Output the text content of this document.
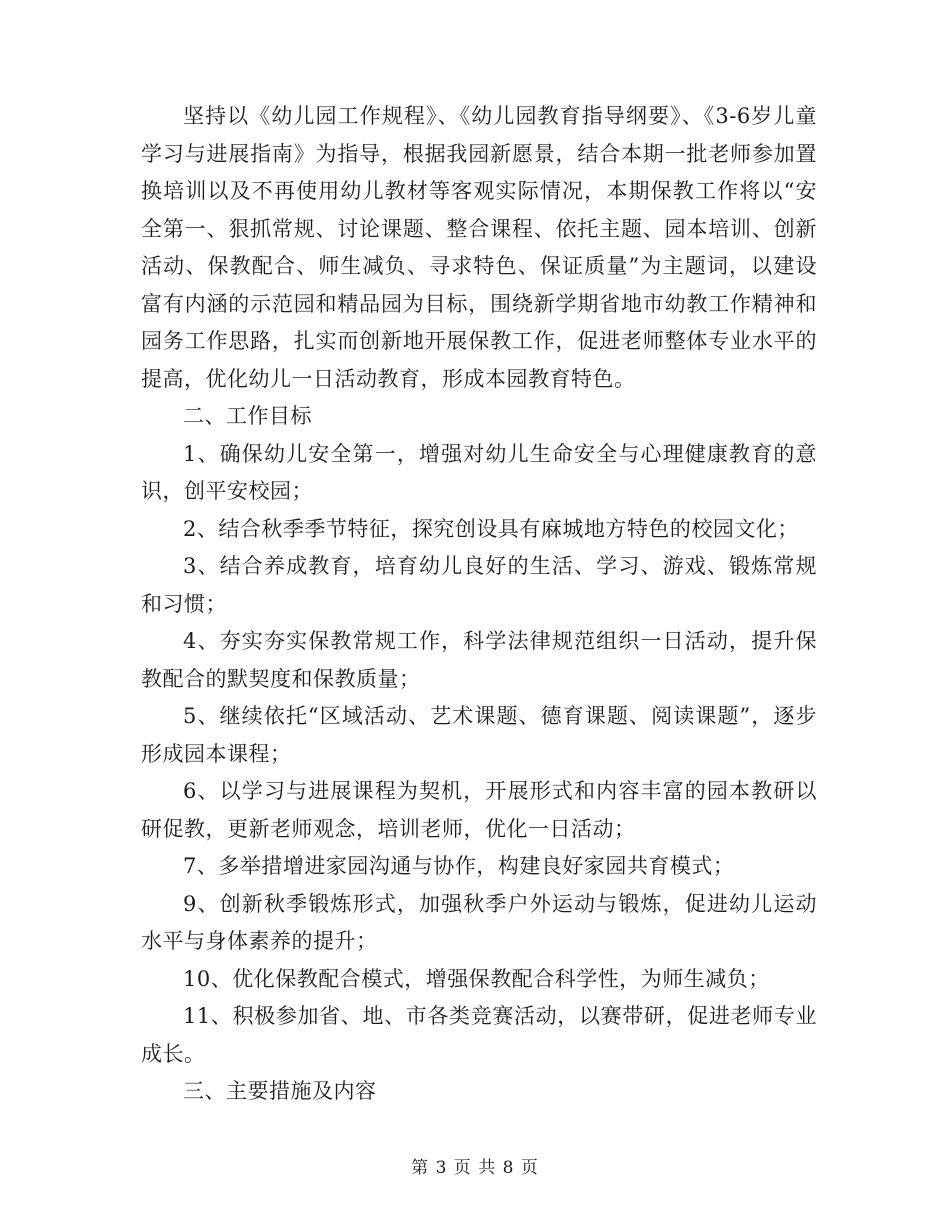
坚持以《幼儿园工作规程》、《幼儿园教育指导纲要》、《3-6岁儿童学习与进展指南》为指导，根据我园新愿景，结合本期一批老师参加置换培训以及不再使用幼儿教材等客观实际情况，本期保教工作将以“安全第一、狠抓常规、讨论课题、整合课程、依托主题、园本培训、创新活动、保教配合、师生减负、寻求特色、保证质量”为主题词，以建设富有内涵的示范园和精品园为目标，围绕新学期省地市幼教工作精神和园务工作思路，扎实而创新地开展保教工作，促进老师整体专业水平的提高，优化幼儿一日活动教育，形成本园教育特色。

二、工作目标

1、确保幼儿安全第一，增强对幼儿生命安全与心理健康教育的意识，创平安校园；

2、结合秋季季节特征，探究创设具有麻城地方特色的校园文化；

3、结合养成教育，培育幼儿良好的生活、学习、游戏、锻炼常规和习惯；

4、夯实夯实保教常规工作，科学法律规范组织一日活动，提升保教配合的默契度和保教质量；

5、继续依托“区域活动、艺术课题、德育课题、阅读课题”，逐步形成园本课程；

6、以学习与进展课程为契机，开展形式和内容丰富的园本教研以研促教，更新老师观念，培训老师，优化一日活动；

7、多举措增进家园沟通与协作，构建良好家园共育模式；

9、创新秋季锻炼形式，加强秋季户外运动与锻炼，促进幼儿运动水平与身体素养的提升；

10、优化保教配合模式，增强保教配合科学性，为师生减负；

11、积极参加省、地、市各类竞赛活动，以赛带研，促进老师专业成长。

三、主要措施及内容

第 3 页 共 8 页
